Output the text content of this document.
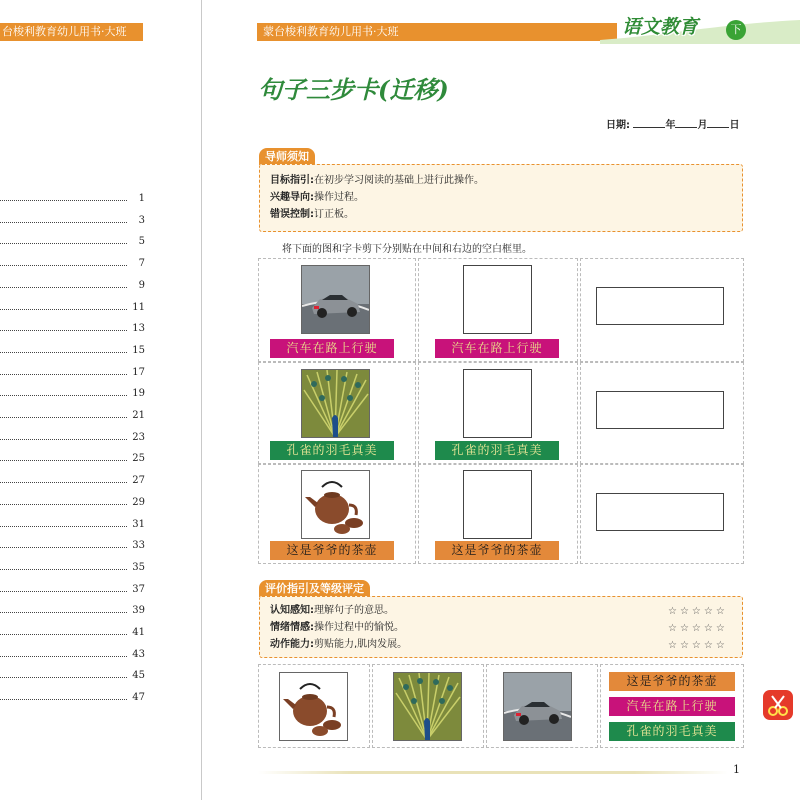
台梭利教育幼儿用书·大班
1
3
5
7
9
11
13
15
17
19
21
23
25
27
29
31
33
35
37
39
41
43
45
47
蒙台梭利教育幼儿用书·大班	语文教育	下
句子三步卡(迁移)
日期:	年 月 日
导师须知
目标指引:在初步学习阅读的基础上进行此操作。
兴趣导向:操作过程。
错误控制:订正板。
将下面的图和字卡剪下分别贴在中间和右边的空白框里。
汽车在路上行驶	汽车在路上行驶
孔雀的羽毛真美	孔雀的羽毛真美
这是爷爷的茶壶	这是爷爷的茶壶
评价指引及等级评定
认知感知:理解句子的意思。
情绪情感:操作过程中的愉悦。
动作能力:剪贴能力,肌肉发展。
☆☆☆☆☆
☆☆☆☆☆
☆☆☆☆☆
这是爷爷的茶壶
汽车在路上行驶
孔雀的羽毛真美
1
